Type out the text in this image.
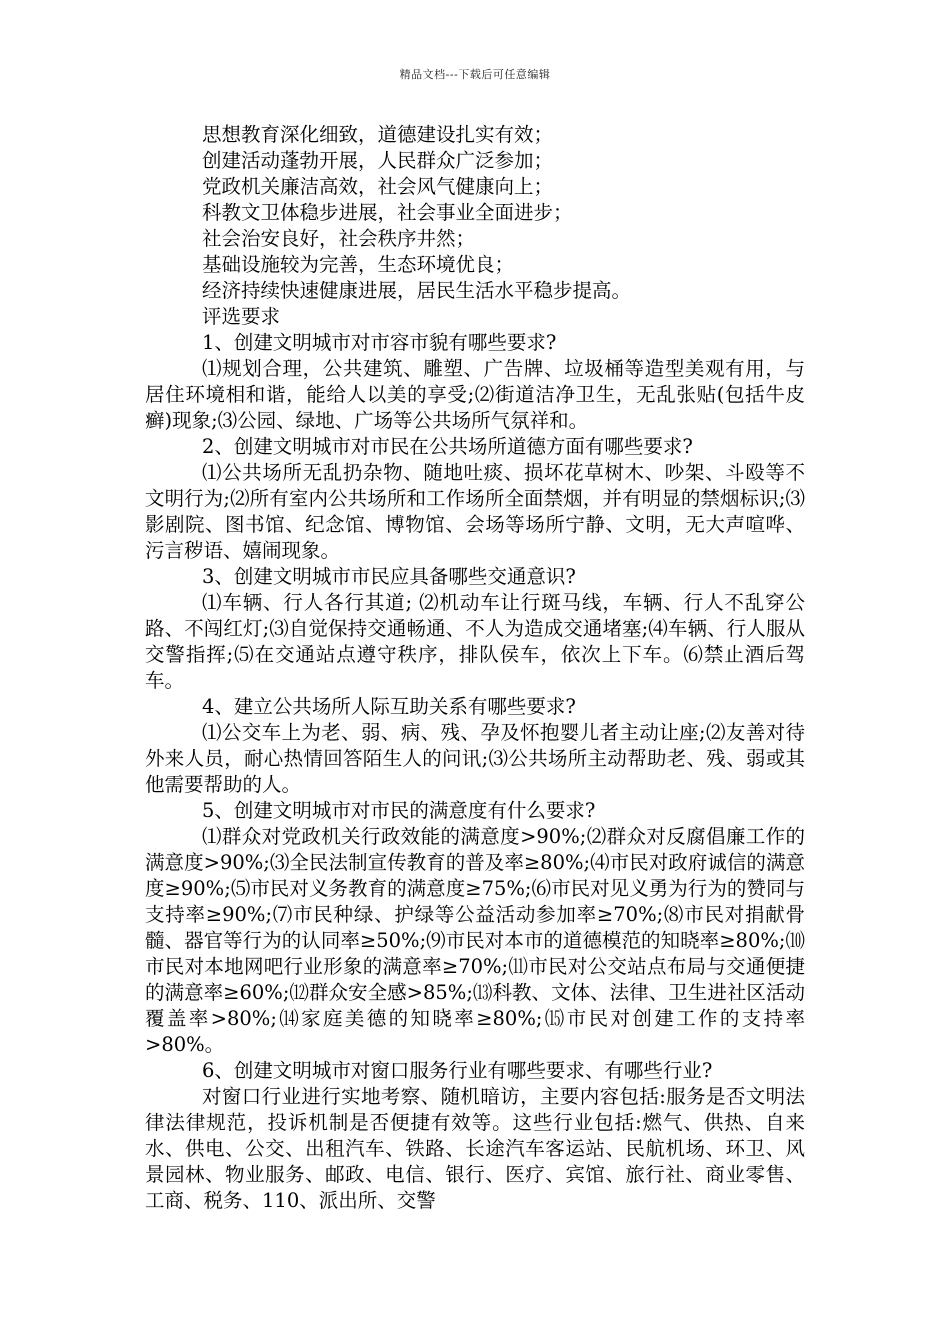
精品文档---下载后可任意编辑
思想教育深化细致，道德建设扎实有效；
创建活动蓬勃开展，人民群众广泛参加；
党政机关廉洁高效，社会风气健康向上；
科教文卫体稳步进展，社会事业全面进步；
社会治安良好，社会秩序井然；
基础设施较为完善，生态环境优良；
经济持续快速健康进展，居民生活水平稳步提高。
评选要求
1、创建文明城市对市容市貌有哪些要求?

⑴规划合理，公共建筑、雕塑、广告牌、垃圾桶等造型美观有用，与居住环境相和谐，能给人以美的享受;⑵街道洁净卫生，无乱张贴(包括牛皮癣)现象;⑶公园、绿地、广场等公共场所气氛祥和。

2、创建文明城市对市民在公共场所道德方面有哪些要求?

⑴公共场所无乱扔杂物、随地吐痰、损坏花草树木、吵架、斗殴等不文明行为;⑵所有室内公共场所和工作场所全面禁烟，并有明显的禁烟标识;⑶影剧院、图书馆、纪念馆、博物馆、会场等场所宁静、文明，无大声喧哗、污言秽语、嬉闹现象。

3、创建文明城市市民应具备哪些交通意识?

⑴车辆、行人各行其道; ⑵机动车让行斑马线，车辆、行人不乱穿公路、不闯红灯;⑶自觉保持交通畅通、不人为造成交通堵塞;⑷车辆、行人服从交警指挥;⑸在交通站点遵守秩序，排队侯车，依次上下车。⑹禁止酒后驾车。

4、建立公共场所人际互助关系有哪些要求?

⑴公交车上为老、弱、病、残、孕及怀抱婴儿者主动让座;⑵友善对待外来人员，耐心热情回答陌生人的问讯;⑶公共场所主动帮助老、残、弱或其他需要帮助的人。

5、创建文明城市对市民的满意度有什么要求?

⑴群众对党政机关行政效能的满意度>90%;⑵群众对反腐倡廉工作的满意度>90%;⑶全民法制宣传教育的普及率≥80%;⑷市民对政府诚信的满意度≥90%;⑸市民对义务教育的满意度≥75%;⑹市民对见义勇为行为的赞同与支持率≥90%;⑺市民种绿、护绿等公益活动参加率≥70%;⑻市民对捐献骨髓、器官等行为的认同率≥50%;⑼市民对本市的道德模范的知晓率≥80%;⑽市民对本地网吧行业形象的满意率≥70%;⑾市民对公交站点布局与交通便捷的满意率≥60%;⑿群众安全感>85%;⒀科教、文体、法律、卫生进社区活动覆盖率>80%;⒁家庭美德的知晓率≥80%;⒂市民对创建工作的支持率>80%。

6、创建文明城市对窗口服务行业有哪些要求、有哪些行业?

对窗口行业进行实地考察、随机暗访，主要内容包括:服务是否文明法律法律规范，投诉机制是否便捷有效等。这些行业包括:燃气、供热、自来水、供电、公交、出租汽车、铁路、长途汽车客运站、民航机场、环卫、风景园林、物业服务、邮政、电信、银行、医疗、宾馆、旅行社、商业零售、工商、税务、110、派出所、交警
